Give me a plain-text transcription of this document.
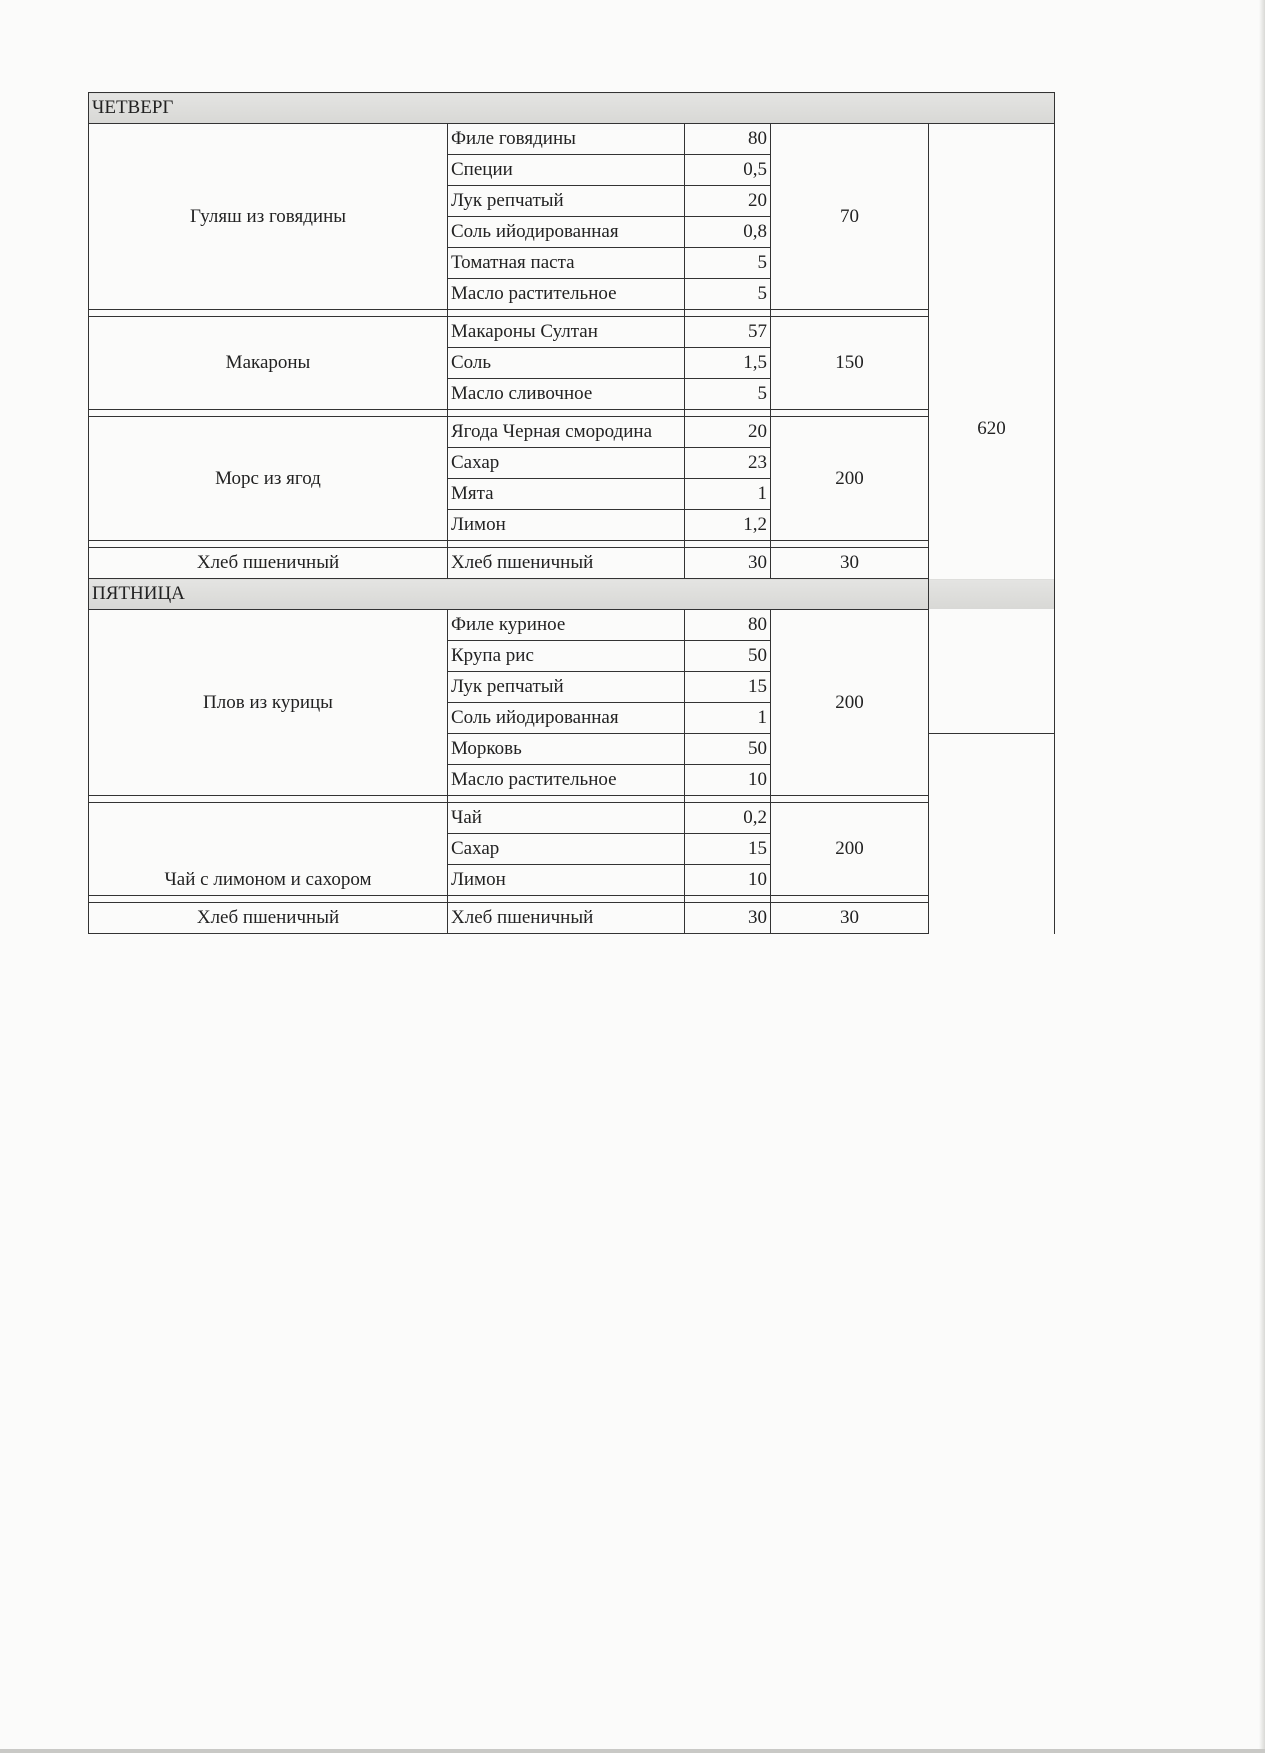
ЧЕТВЕРГ					
Гуляш из говядины	Филе говядины	80	70	620	
	Специи	0,5			
	Лук репчатый	20			
	Соль ийодированная	0,8			
	Томатная паста	5			
	Масло растительное	5			

Макароны	Макароны Султан	57	150		
	Соль	1,5			
	Масло сливочное	5			

Морс из ягод	Ягода Черная смородина	20	200		
	Сахар	23			
	Мята	1			
	Лимон	1,2			

Хлеб пшеничный	Хлеб пшеничный	30	30		
ПЯТНИЦА					
Плов из курицы	Филе куриное	80	200	
	Крупа рис	50			
	Лук репчатый	15			
	Соль ийодированная	1			
	Морковь	50			
	Масло растительное	10			

Чай с лимоном и сахором	Чай	0,2	200		
	Сахар	15			
	Лимон	10			

Хлеб пшеничный	Хлеб пшеничный	30	30		
